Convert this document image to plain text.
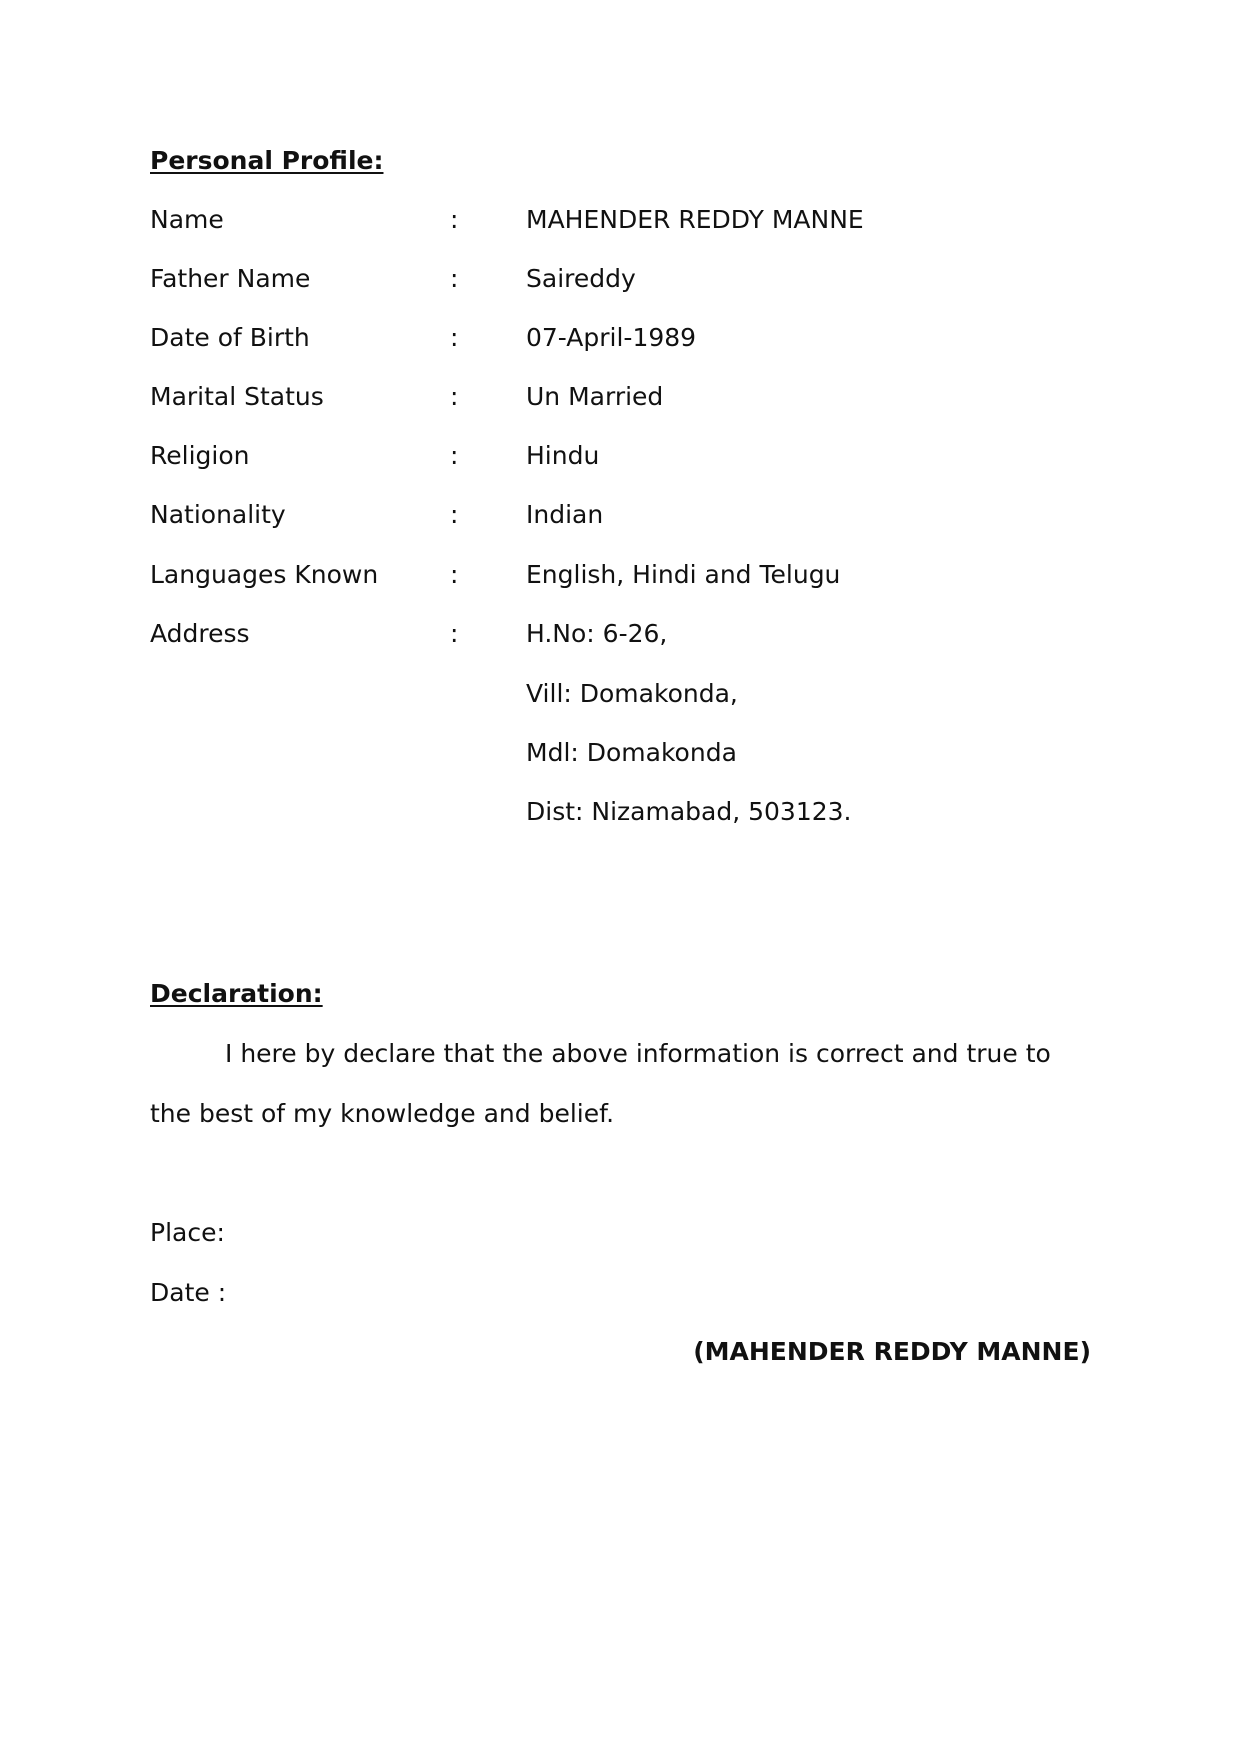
Personal Profile:
Name	:	MAHENDER REDDY MANNE
Father Name	:	Saireddy
Date of Birth	:	07-April-1989
Marital Status	:	Un Married
Religion	:	Hindu
Nationality	:	Indian
Languages Known	:	English, Hindi and Telugu
Address	:	H.No: 6-26,
Vill: Domakonda,
Mdl: Domakonda
Dist: Nizamabad, 503123.
Declaration:
I here by declare that the above information is correct and true to
the best of my knowledge and belief.
Place:
Date :
(MAHENDER REDDY MANNE)
